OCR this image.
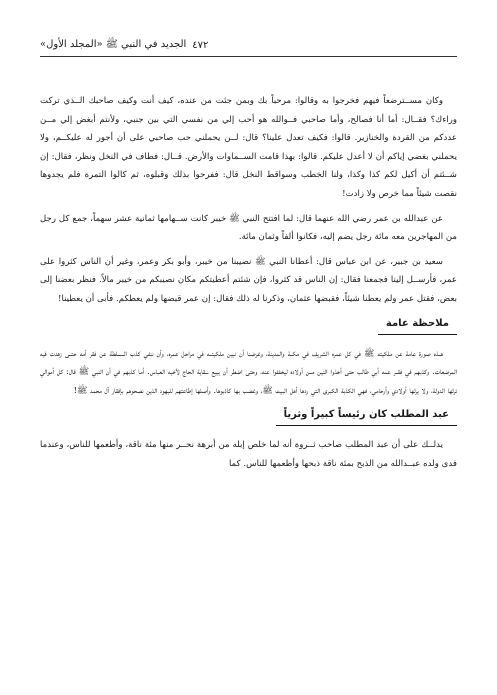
٤٧٢
الجديد في النبي ﷺ «المجلد الأول»

وكان مســترضعاً فيهم فخرجوا به وقالوا: مرحباً بك وبمن جئت من عنده، كيف أنت وكيف صاحبك الــذي تركت وراءك؟ فقــال: أما أنا فصالح، وأما صاحبي فــوالله هو أحب إلي من نفسي التي بين جنبي، ولأنتم أبغض إلي مــن عددكم من القردة والخنازير. قالوا: فكيف تعدل علينا؟ قال: لــن يحملني حب صاحبي على أن أجور له عليكــم، ولا يحملني بغضي إياكم أن لا أعدل عليكم. قالوا: بهذا قامت الســماوات والأرض. قــال: فطاف في النخل ونظر، فقال: إن شــئتم أن أكيل لكم كذا وكذا، ولنا الخطب وسواقط النخل قال: ففرحوا بذلك وقبلوه، ثم كالوا التمرة فلم يجدوها نقصت شيئاً مما خرص ولا زادت!

عن عبدالله بن عمر رضي الله عنهما قال: لما افتتح النبي ﷺ خيبر كانت ســهامها ثمانية عشر سهماً، جمع كل رجل من المهاجرين معه مائة رجل يضم إليه، فكانوا ألفاً وثمان مائة.

سعيد بن جبير، عن ابن عباس قال: أعطانا النبي ﷺ نصيبنا من خيبر، وأبو بكر وعمر، وغير أن الناس كثروا على عمر، فأرســل إلينا فجمعنا فقال: إن الناس قد كثروا، فإن شئتم أعطيتكم مكان نصيبكم من خيبر مالاً. فنظر بعضنا إلى بعض، فقتل عمر ولم يعطنا شيئاً، فقبضها عثمان، وذكرنا له ذلك فقال: إن عمر قبضها ولم يعطكم. فأبى أن يعطينا!

ملاحظة عامة

هــذه صورة عامة عن ملكيته ﷺ في كل عمره الشريف في مكــة والمدينة، وغرضنا أن نبين ملكيتــه في مراحل عمره، وأن ننفي كذب الســلطة عن فقر أمه حتــى زهدت فيه المرضعات. وكذبهم في فقــر عمه أبي طالب حتى أخذوا اثنين مــن أولاده ليخففوا عنه، وحتى اضطر أن يبيع سقاية الحاج لأخيه العباس. أما كذبهم في أن النبي ﷺ قال: كل أموالي ترثها الدولة، ولا يرثها أولادي وأرحامي، فهي الكذبة الكبرى التي ردها أهل البيت ﷺ، وغضب بها كاذبوها. وأصلها إطاعتهم لليهود الذين نصحوهم بإفقار آل محمد ﷺ!

عبد المطلب كان رئيساً كبيراً وثرياً

يدلــك على أن عبد المطلب صاحب ثــروة أنه لما خلص إبله من أبرهة نحــر منها مئة ناقة، وأطعمها للناس، وعندما فدى ولده عبــدالله من الذبح بمئة ناقة ذبحها وأطعمها للناس. كما
